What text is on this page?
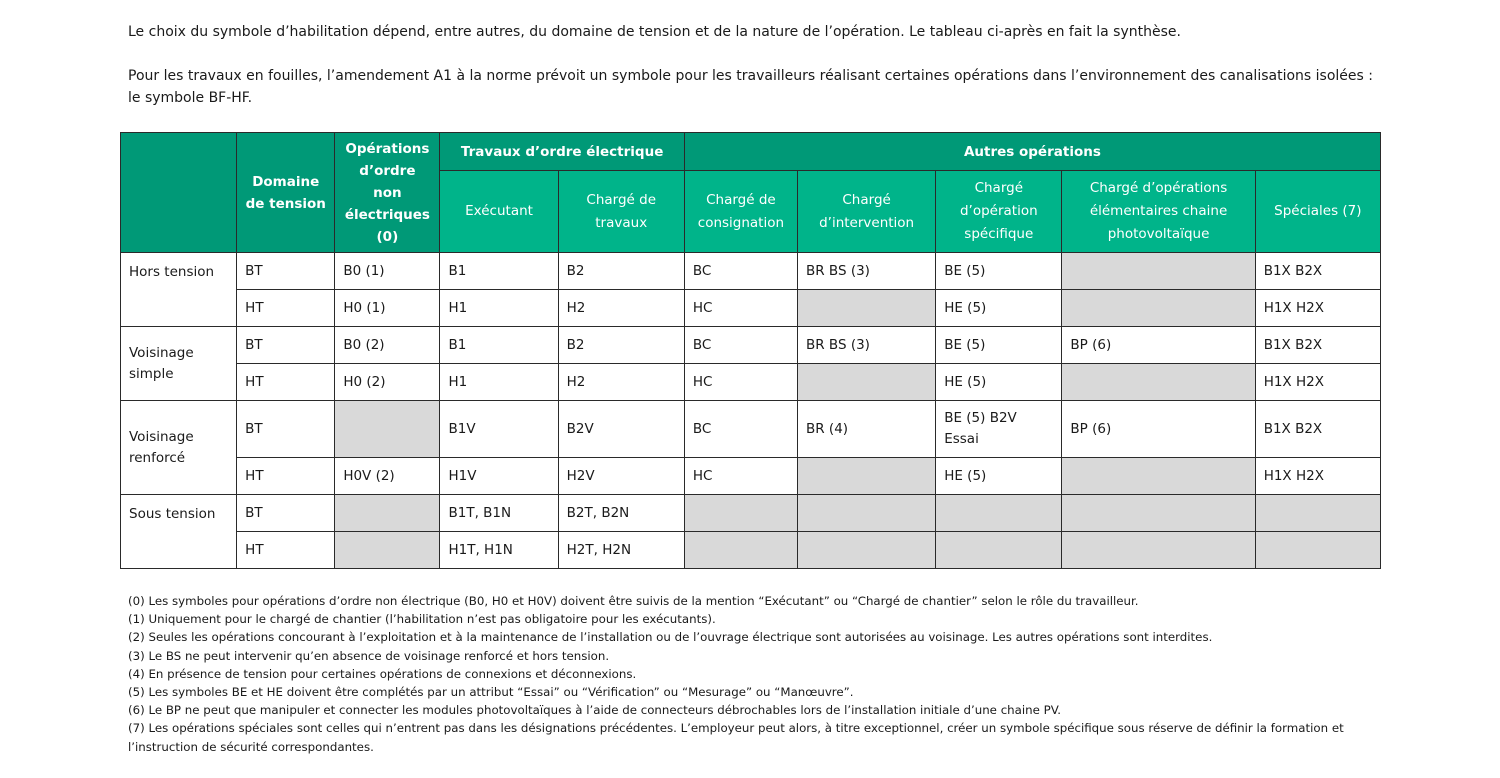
Le choix du symbole d’habilitation dépend, entre autres, du domaine de tension et de la nature de l’opération. Le tableau ci-après en fait la synthèse.

Pour les travaux en fouilles, l’amendement A1 à la norme prévoit un symbole pour les travailleurs réalisant certaines opérations dans l’environnement des canalisations isolées : le symbole BF-HF.

	Domaine de tension	Opérations d’ordre non électriques (0)	Travaux d’ordre électrique		Autres opérations				
			Exécutant	Chargé de travaux	Chargé de consignation	Chargé d’intervention	Chargé d’opération spécifique	Chargé d’opérations élémentaires chaine photovoltaïque	Spéciales (7)
Hors tension	BT	B0 (1)	B1	B2	BC	BR BS (3)	BE (5)		B1X B2X
	HT	H0 (1)	H1	H2	HC		HE (5)		H1X H2X
Voisinage simple	BT	B0 (2)	B1	B2	BC	BR BS (3)	BE (5)	BP (6)	B1X B2X
	HT	H0 (2)	H1	H2	HC		HE (5)		H1X H2X
Voisinage renforcé	BT		B1V	B2V	BC	BR (4)	BE (5) B2V Essai	BP (6)	B1X B2X
	HT	H0V (2)	H1V	H2V	HC		HE (5)		H1X H2X
Sous tension	BT		B1T, B1N	B2T, B2N					
	HT		H1T, H1N	H2T, H2N					
(0) Les symboles pour opérations d’ordre non électrique (B0, H0 et H0V) doivent être suivis de la mention “Exécutant” ou “Chargé de chantier” selon le rôle du travailleur.
(1) Uniquement pour le chargé de chantier (l’habilitation n’est pas obligatoire pour les exécutants).
(2) Seules les opérations concourant à l’exploitation et à la maintenance de l’installation ou de l’ouvrage électrique sont autorisées au voisinage. Les autres opérations sont interdites.
(3) Le BS ne peut intervenir qu’en absence de voisinage renforcé et hors tension.
(4) En présence de tension pour certaines opérations de connexions et déconnexions.
(5) Les symboles BE et HE doivent être complétés par un attribut “Essai” ou “Vérification” ou “Mesurage” ou “Manœuvre”.
(6) Le BP ne peut que manipuler et connecter les modules photovoltaïques à l’aide de connecteurs débrochables lors de l’installation initiale d’une chaine PV.
(7) Les opérations spéciales sont celles qui n’entrent pas dans les désignations précédentes. L’employeur peut alors, à titre exceptionnel, créer un symbole spécifique sous réserve de définir la formation et l’instruction de sécurité correspondantes.
